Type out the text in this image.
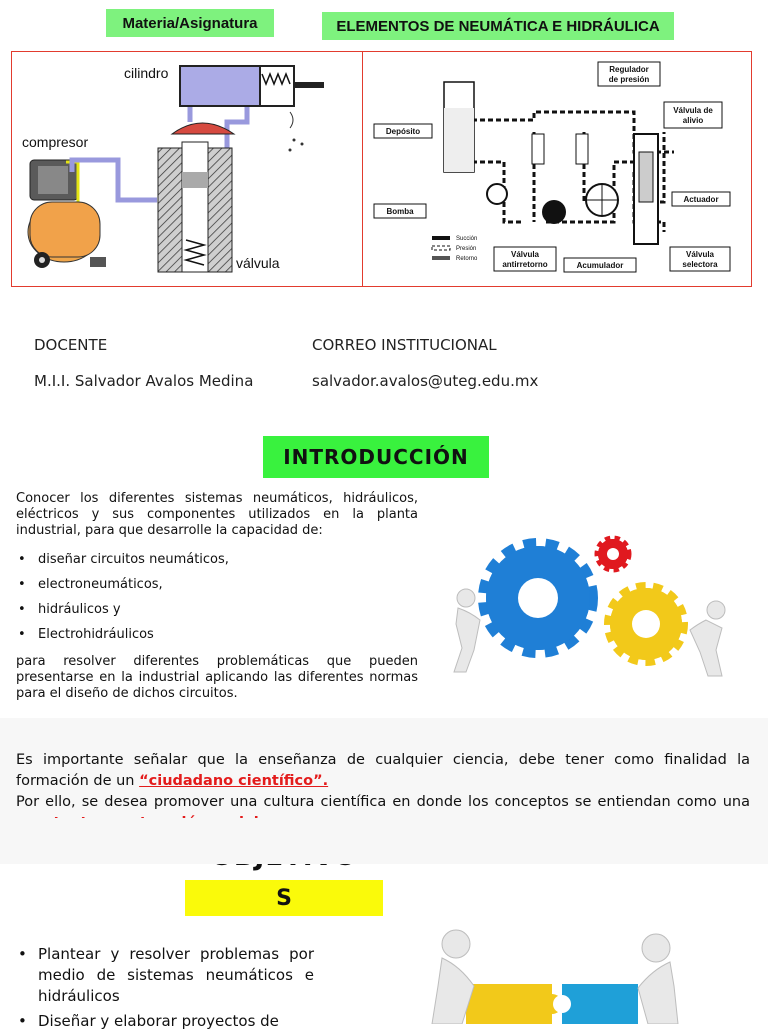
Materia/Asignatura	ELEMENTOS DE NEUMÁTICA E HIDRÁULICA
compresor
cilindro
válvula
Regulador
de presión
Depósito
Válvula de
alivio
Actuador
Bomba
Succión
Presión
Retorno	Válvula
antirretorno	Acumulador
Válvula
selectora
DOCENTE
M.I.I. Salvador Avalos Medina
CORREO INSTITUCIONAL
salvador.avalos@uteg.edu.mx
INTRODUCCIÓN
Conocer los diferentes sistemas neumáticos, hidráulicos, eléctricos y sus componentes utilizados en la planta industrial, para que desarrolle la capacidad de:
• diseñar circuitos neumáticos,
• electroneumáticos,
• hidráulicos y
• Electrohidráulicos
para resolver diferentes problemáticas que pueden presentarse en la industrial aplicando las diferentes normas para el diseño de dichos circuitos.

Es importante señalar que la enseñanza de cualquier ciencia, debe tener como finalidad la formación de un “ciudadano científico”.

Por ello, se desea promover una cultura científica en donde los conceptos se entiendan como una

S
• Plantear y resolver problemas por medio de sistemas neumáticos e hidráulicos
• Diseñar y elaborar proyectos de
